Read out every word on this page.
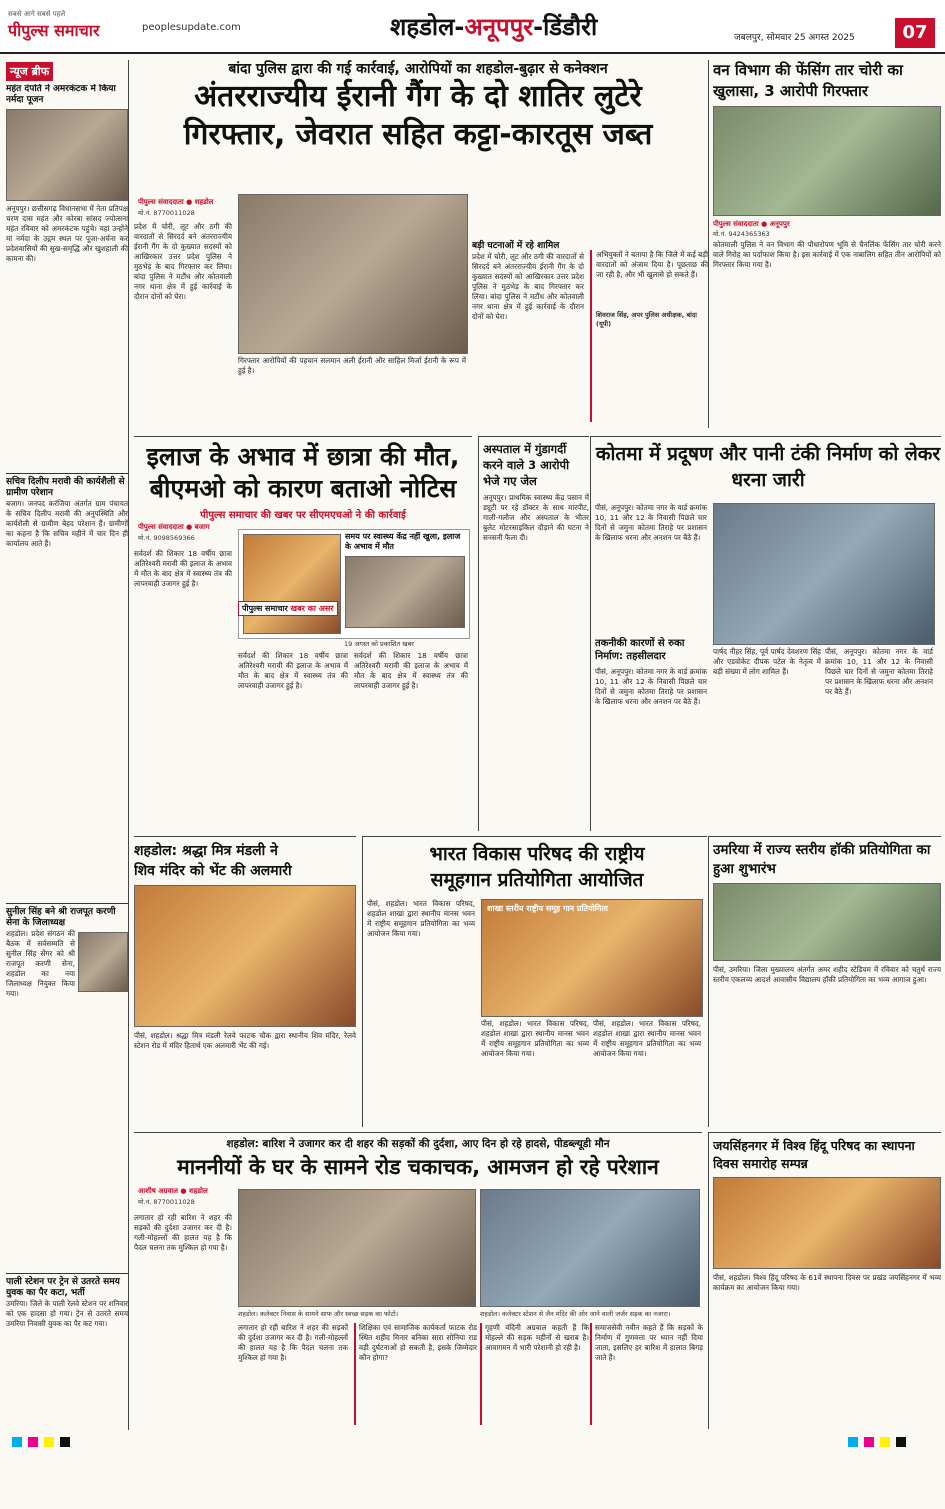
सबसे आगे सबसे पहले
पीपुल्स समाचार	peoplesupdate.com	शहडोल-अनूपपुर-डिंडौरी	जबलपुर, सोमवार 25 अगस्त 2025	07
न्यूज ब्रीफ
महंत दंपति ने अमरकंटक में किया नर्मदा पूजन
अनूपपुर। छत्तीसगढ़ विधानसभा में नेता प्रतिपक्ष चरण दास महंत और कोरबा सांसद ज्योत्सना महंत रविवार को अमरकंटक पहुंचे। यहां उन्होंने मां नर्मदा के उद्गम स्थल पर पूजा-अर्चना कर प्रदेशवासियों की सुख-समृद्धि और खुशहाली की कामना की।
सचिव दिलीप मरावी की कार्यशैली से ग्रामीण परेशान
बजाग। जनपद करंजिया अंतर्गत ग्राम पंचायत के सचिव दिलीप मरावी की अनुपस्थिति और कार्यशैली से ग्रामीण बेहद परेशान हैं। ग्रामीणों का कहना है कि सचिव महीने में चार दिन ही कार्यालय आते हैं।
सुनील सिंह बने श्री राजपूत करणी सेना के जिलाध्यक्ष
शहडोल। प्रदेश संगठन की बैठक में सर्वसम्मति से सुनील सिंह सेंगर को श्री राजपूत करणी सेना, शहडोल का नया जिलाध्यक्ष नियुक्त किया गया।
पाली स्टेशन पर ट्रेन से उतरते समय युवक का पैर कटा, भर्ती
उमरिया। जिले के पाली रेलवे स्टेशन पर शनिवार को एक हादसा हो गया। ट्रेन से उतरते समय उमरिया निवासी युवक का पैर कट गया।
बांदा पुलिस द्वारा की गई कार्रवाई, आरोपियों का शहडोल-बुढ़ार से कनेक्शन
अंतरराज्यीय ईरानी गैंग के दो शातिर लुटेरे
गिरफ्तार, जेवरात सहित कट्टा-कारतूस जब्त
पीपुल्स संवाददाता ● शहडोल
मो.नं. 8770011028
प्रदेश में चोरी, लूट और ठगी की वारदातों से सिरदर्द बने अंतरराज्यीय ईरानी गैंग के दो कुख्यात सदस्यों को आखिरकार उत्तर प्रदेश पुलिस ने मुठभेड़ के बाद गिरफ्तार कर लिया। बांदा पुलिस ने मटौंध और कोतवाली नगर थाना क्षेत्र में हुई कार्रवाई के दौरान दोनों को घेरा।
गिरफ्तार आरोपियों की पहचान सलमान अली ईरानी और साहिल मिर्जा ईरानी के रूप में हुई है।
बड़ी घटनाओं में रहे शामिल
प्रदेश में चोरी, लूट और ठगी की वारदातों से सिरदर्द बने अंतरराज्यीय ईरानी गैंग के दो कुख्यात सदस्यों को आखिरकार उत्तर प्रदेश पुलिस ने मुठभेड़ के बाद गिरफ्तार कर लिया। बांदा पुलिस ने मटौंध और कोतवाली नगर थाना क्षेत्र में हुई कार्रवाई के दौरान दोनों को घेरा।
अभियुक्तों ने बताया है कि जिले में कई बड़ी वारदातों को अंजाम दिया है। पूछताछ की जा रही है, और भी खुलासे हो सकते हैं।
शिवराज सिंह, अपर पुलिस अधीक्षक, बांदा (यूपी)
वन विभाग की फेंसिंग तार चोरी का खुलासा, 3 आरोपी गिरफ्तार
पीपुल्स संवाददाता ● अनूपपुर
मो.नं. 9424365363
कोतमाली पुलिस ने वन विभाग की पौधारोपण भूमि से चैनलिंक फेंसिंग तार चोरी करने वाले गिरोह का पर्दाफाश किया है। इस कार्रवाई में एक नाबालिग सहित तीन आरोपियों को गिरफ्तार किया गया है।
इलाज के अभाव में छात्रा की मौत,
बीएमओ को कारण बताओ नोटिस
पीपुल्स समाचार की खबर पर सीएमएचओ ने की कार्रवाई
पीपुल्स संवाददाता ● बजाग
मो.नं. 9098569366
सर्वदर्श की शिकार 18 वर्षीय छात्रा अतिरेश्वरी मरावी की इलाज के अभाव में मौत के बाद क्षेत्र में स्वास्थ्य तंत्र की लापरवाही उजागर हुई है।
समय पर स्वास्थ्य केंद्र नहीं खुला, इलाज के अभाव में मौत
पीपुल्स समाचार खबर का असर
19 अगस्त को प्रकाशित खबर
सर्वदर्श की शिकार 18 वर्षीय छात्रा अतिरेश्वरी मरावी की इलाज के अभाव में मौत के बाद क्षेत्र में स्वास्थ्य तंत्र की लापरवाही उजागर हुई है।
सर्वदर्श की शिकार 18 वर्षीय छात्रा अतिरेश्वरी मरावी की इलाज के अभाव में मौत के बाद क्षेत्र में स्वास्थ्य तंत्र की लापरवाही उजागर हुई है।
अस्पताल में गुंडागर्दी करने वाले 3 आरोपी भेजे गए जेल
अनूपपुर। प्राथमिक स्वास्थ्य केंद्र पसान में ड्यूटी पर रहे डॉक्टर के साथ मारपीट, गाली-गलौज और अस्पताल के भीतर बुलेट मोटरसाइकिल दौड़ाने की घटना ने सनसनी फैला दी।
कोतमा में प्रदूषण और पानी टंकी निर्माण को लेकर धरना जारी
पीसं, अनूपपुर। कोतमा नगर के वार्ड क्रमांक 10, 11 और 12 के निवासी पिछले चार दिनों से जमुना कोतमा तिराहे पर प्रशासन के खिलाफ धरना और अनशन पर बैठे हैं।
पार्षद नीहर सिंह, पूर्व पार्षद देवशरण सिंह और एडवोकेट दीपक पटेल के नेतृत्व में बड़ी संख्या में लोग शामिल हैं।
पीसं, अनूपपुर। कोतमा नगर के वार्ड क्रमांक 10, 11 और 12 के निवासी पिछले चार दिनों से जमुना कोतमा तिराहे पर प्रशासन के खिलाफ धरना और अनशन पर बैठे हैं।
तकनीकी कारणों से रुका निर्माण: तहसीलदार
पीसं, अनूपपुर। कोतमा नगर के वार्ड क्रमांक 10, 11 और 12 के निवासी पिछले चार दिनों से जमुना कोतमा तिराहे पर प्रशासन के खिलाफ धरना और अनशन पर बैठे हैं।
शहडोल: श्रद्धा मित्र मंडली ने
शिव मंदिर को भेंट की अलमारी
पीसं, शहडोल। श्रद्धा मित्र मंडली रेलवे फाटक चौक द्वारा स्थानीय शिव मंदिर, रेलवे स्टेशन रोड में मंदिर हितार्थ एक अलमारी भेंट की गई।
भारत विकास परिषद की राष्ट्रीय
समूहगान प्रतियोगिता आयोजित
पीसं, शहडोल। भारत विकास परिषद, शहडोल शाखा द्वारा स्थानीय मानस भवन में राष्ट्रीय समूहगान प्रतियोगिता का भव्य आयोजन किया गया।
शाखा स्तरीय राष्ट्रीय समूह गान प्रतियोगिता
पीसं, शहडोल। भारत विकास परिषद, शहडोल शाखा द्वारा स्थानीय मानस भवन में राष्ट्रीय समूहगान प्रतियोगिता का भव्य आयोजन किया गया।
पीसं, शहडोल। भारत विकास परिषद, शहडोल शाखा द्वारा स्थानीय मानस भवन में राष्ट्रीय समूहगान प्रतियोगिता का भव्य आयोजन किया गया।
उमरिया में राज्य स्तरीय हॉकी प्रतियोगिता का हुआ शुभारंभ
पीसं, उमरिया। जिला मुख्यालय अंतर्गत अमर शहीद स्टेडियम में रविवार को चतुर्थ राज्य स्तरीय एकलव्य आदर्श आवासीय विद्यालय हॉकी प्रतियोगिता का भव्य आगाज हुआ।
शहडोल: बारिश ने उजागर कर दी शहर की सड़कों की दुर्दशा, आए दिन हो रहे हादसे, पीडब्ल्यूडी मौन
माननीयों के घर के सामने रोड चकाचक, आमजन हो रहे परेशान
आशीष अग्रवाल ● शहडोल
मो.नं. 8770011028
लगातार हो रही बारिश ने शहर की सड़कों की दुर्दशा उजागर कर दी है। गली-मोहल्लों की हालत यह है कि पैदल चलना तक मुश्किल हो गया है।
शहडोल। कलेक्टर निवास के सामने साफ और स्वच्छ सड़क का फोटो।	शहडोल। कलेक्टर स्टेशन से जैन मंदिर की ओर जाने वाली जर्जर सड़क का नजारा।
लगातार हो रही बारिश ने शहर की सड़कों की दुर्दशा उजागर कर दी है। गली-मोहल्लों की हालत यह है कि पैदल चलना तक मुश्किल हो गया है।
शिक्षिका एवं सामाजिक कार्यकर्ता फाटक रोड स्थित शहीद मिनार बनिका सारा सोनिया राड वड़ी दुर्घटनाओं हो सकती है, इसके जिम्मेदार कौन होगा?
गृहणी वंदिनी अग्रवाल कहती हैं कि मोहल्ले की सड़क महीनों से खराब है। आवागमन में भारी परेशानी हो रही है।
समाजसेवी नवीन कहते हैं कि सड़कों के निर्माण में गुणवत्ता पर ध्यान नहीं दिया जाता, इसलिए हर बारिश में हालात बिगड़ जाते हैं।
जयसिंहनगर में विश्व हिंदू परिषद का स्थापना दिवस समारोह सम्पन्न
पीसं, शहडोल। विश्व हिंदू परिषद के 61वें स्थापना दिवस पर प्रखंड जयसिंहनगर में भव्य कार्यक्रम का आयोजन किया गया।
